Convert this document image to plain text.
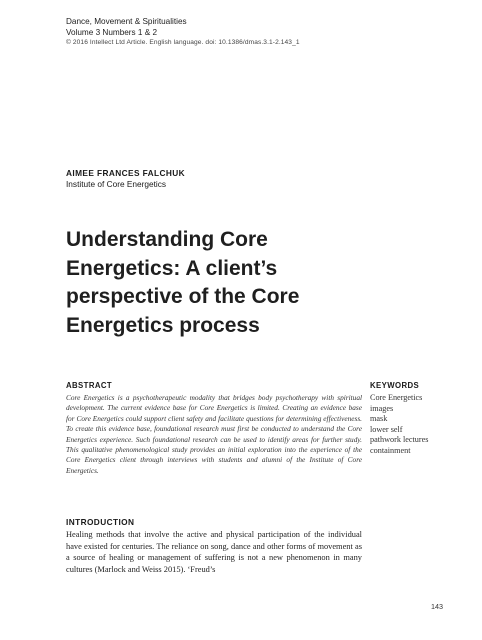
Dance, Movement & Spiritualities
Volume 3 Numbers 1 & 2
© 2016 Intellect Ltd Article. English language. doi: 10.1386/dmas.3.1-2.143_1
AIMEE FRANCES FALCHUK
Institute of Core Energetics
Understanding Core Energetics: A client’s perspective of the Core Energetics process
ABSTRACT

Core Energetics is a psychotherapeutic modality that bridges body psychotherapy with spiritual development. The current evidence base for Core Energetics is limited. Creating an evidence base for Core Energetics could support client safety and facilitate questions for determining effectiveness. To create this evidence base, foundational research must first be conducted to understand the Core Energetics experience. Such foundational research can be used to identify areas for further study. This qualitative phenomenological study provides an initial exploration into the experience of the Core Energetics client through interviews with students and alumni of the Institute of Core Energetics.

KEYWORDS
Core Energetics
images
mask
lower self
pathwork lectures
containment
INTRODUCTION

Healing methods that involve the active and physical participation of the individual have existed for centuries. The reliance on song, dance and other forms of movement as a source of healing or management of suffering is not a new phenomenon in many cultures (Marlock and Weiss 2015). ‘Freud’s

143
